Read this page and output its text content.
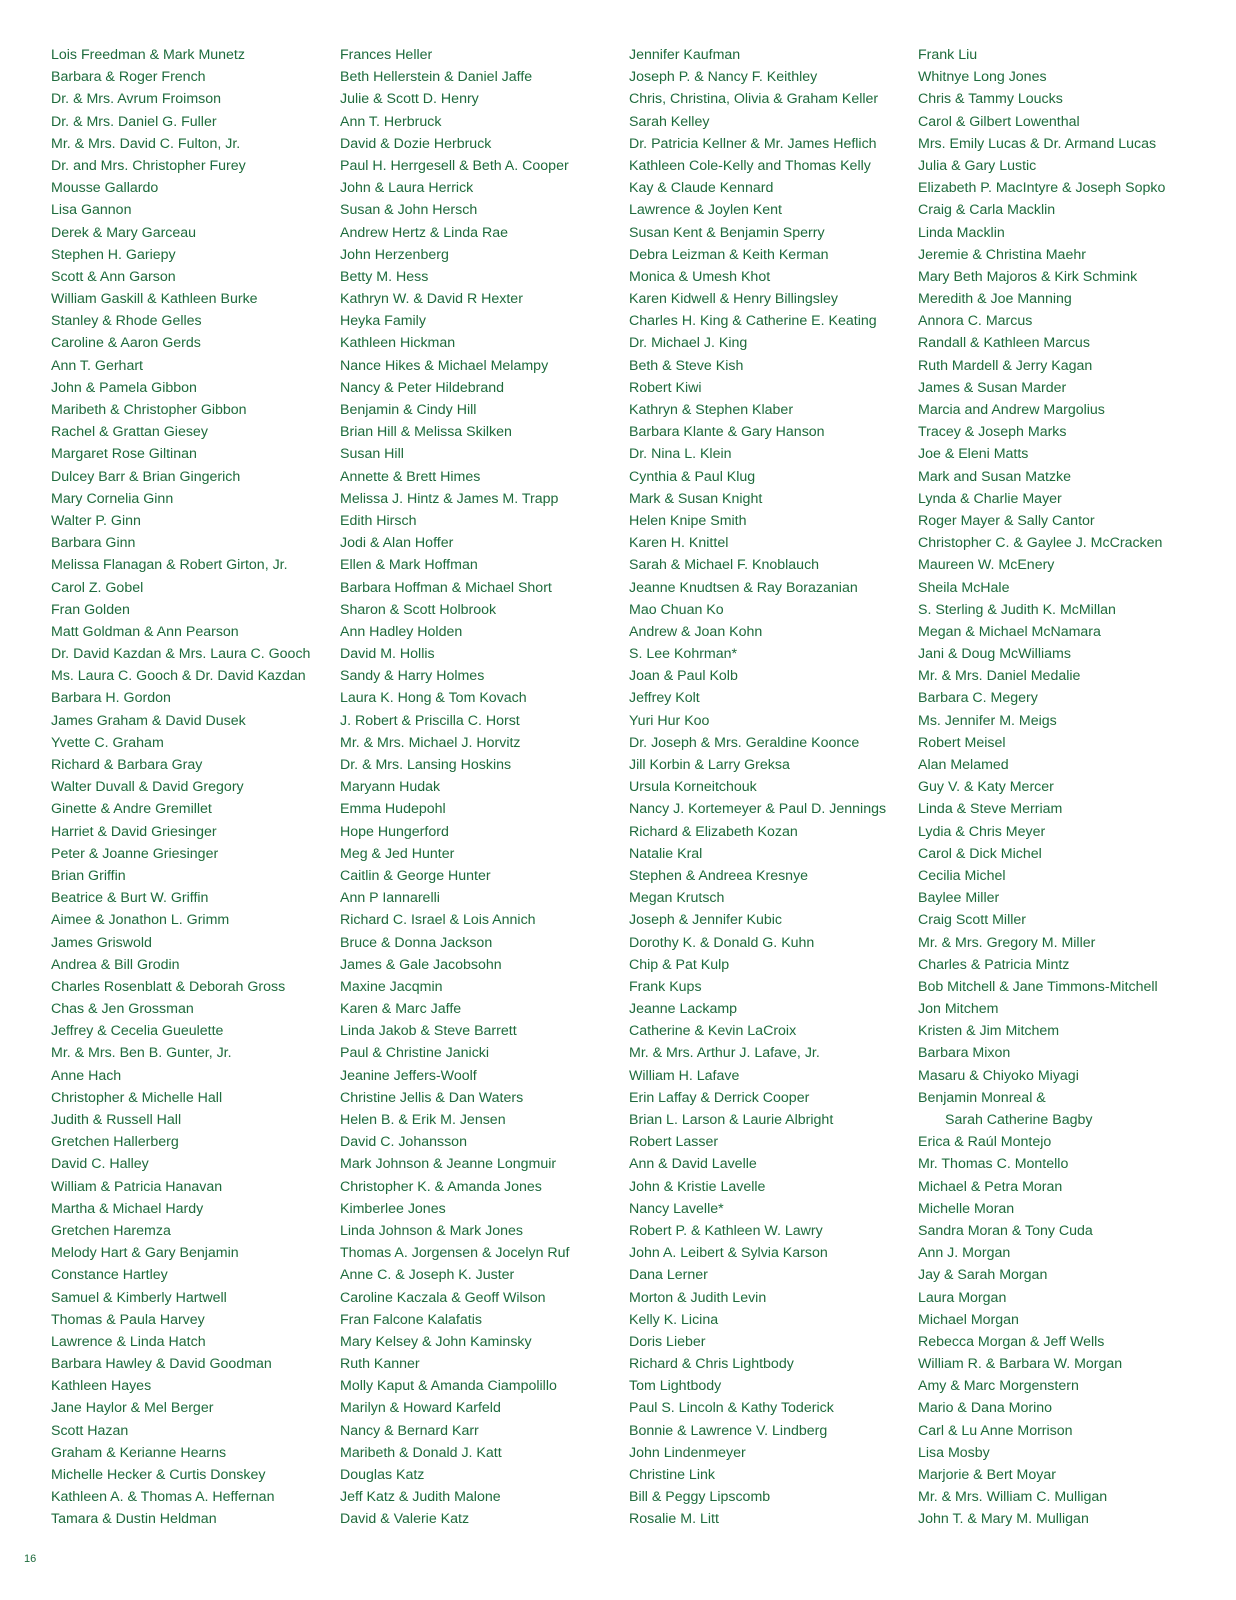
Lois Freedman & Mark Munetz
Barbara & Roger French
Dr. & Mrs. Avrum Froimson
Dr. & Mrs. Daniel G. Fuller
Mr. & Mrs. David C. Fulton, Jr.
Dr. and Mrs. Christopher Furey
Mousse Gallardo
Lisa Gannon
Derek & Mary Garceau
Stephen H. Gariepy
Scott & Ann Garson
William Gaskill & Kathleen Burke
Stanley & Rhode Gelles
Caroline & Aaron Gerds
Ann T. Gerhart
John & Pamela Gibbon
Maribeth & Christopher Gibbon
Rachel & Grattan Giesey
Margaret Rose Giltinan
Dulcey Barr & Brian Gingerich
Mary Cornelia Ginn
Walter P. Ginn
Barbara Ginn
Melissa Flanagan & Robert Girton, Jr.
Carol Z. Gobel
Fran Golden
Matt Goldman & Ann Pearson
Dr. David Kazdan & Mrs. Laura C. Gooch
Ms. Laura C. Gooch & Dr. David Kazdan
Barbara H. Gordon
James Graham & David Dusek
Yvette C. Graham
Richard & Barbara Gray
Walter Duvall & David Gregory
Ginette & Andre Gremillet
Harriet & David Griesinger
Peter & Joanne Griesinger
Brian Griffin
Beatrice & Burt W. Griffin
Aimee & Jonathon L. Grimm
James Griswold
Andrea & Bill Grodin
Charles Rosenblatt & Deborah Gross
Chas & Jen Grossman
Jeffrey & Cecelia Gueulette
Mr. & Mrs. Ben B. Gunter, Jr.
Anne Hach
Christopher & Michelle Hall
Judith & Russell Hall
Gretchen Hallerberg
David C. Halley
William & Patricia Hanavan
Martha & Michael Hardy
Gretchen Haremza
Melody Hart & Gary Benjamin
Constance Hartley
Samuel & Kimberly Hartwell
Thomas & Paula Harvey
Lawrence & Linda Hatch
Barbara Hawley & David Goodman
Kathleen Hayes
Jane Haylor & Mel Berger
Scott Hazan
Graham & Kerianne Hearns
Michelle Hecker & Curtis Donskey
Kathleen A. & Thomas A. Heffernan
Tamara & Dustin Heldman
Frances Heller
Beth Hellerstein & Daniel Jaffe
Julie & Scott D. Henry
Ann T. Herbruck
David & Dozie Herbruck
Paul H. Herrgesell & Beth A. Cooper
John & Laura Herrick
Susan & John Hersch
Andrew Hertz & Linda Rae
John Herzenberg
Betty M. Hess
Kathryn W. & David R Hexter
Heyka Family
Kathleen Hickman
Nance Hikes & Michael Melampy
Nancy & Peter Hildebrand
Benjamin & Cindy Hill
Brian Hill & Melissa Skilken
Susan Hill
Annette & Brett Himes
Melissa J. Hintz & James M. Trapp
Edith Hirsch
Jodi & Alan Hoffer
Ellen & Mark Hoffman
Barbara Hoffman & Michael Short
Sharon & Scott Holbrook
Ann Hadley Holden
David M. Hollis
Sandy & Harry Holmes
Laura K. Hong & Tom Kovach
J. Robert & Priscilla C. Horst
Mr. & Mrs. Michael J. Horvitz
Dr. & Mrs. Lansing Hoskins
Maryann Hudak
Emma Hudepohl
Hope Hungerford
Meg & Jed Hunter
Caitlin & George Hunter
Ann P Iannarelli
Richard C. Israel & Lois Annich
Bruce & Donna Jackson
James & Gale Jacobsohn
Maxine Jacqmin
Karen & Marc Jaffe
Linda Jakob & Steve Barrett
Paul & Christine Janicki
Jeanine Jeffers-Woolf
Christine Jellis & Dan Waters
Helen B. & Erik M. Jensen
David C. Johansson
Mark Johnson & Jeanne Longmuir
Christopher K. & Amanda Jones
Kimberlee Jones
Linda Johnson & Mark Jones
Thomas A. Jorgensen & Jocelyn Ruf
Anne C. & Joseph K. Juster
Caroline Kaczala & Geoff Wilson
Fran Falcone Kalafatis
Mary Kelsey & John Kaminsky
Ruth Kanner
Molly Kaput & Amanda Ciampolillo
Marilyn & Howard Karfeld
Nancy & Bernard Karr
Maribeth & Donald J. Katt
Douglas Katz
Jeff Katz & Judith Malone
David & Valerie Katz
Jennifer Kaufman
Joseph P. & Nancy F. Keithley
Chris, Christina, Olivia & Graham Keller
Sarah Kelley
Dr. Patricia Kellner & Mr. James Heflich
Kathleen Cole-Kelly and Thomas Kelly
Kay & Claude Kennard
Lawrence & Joylen Kent
Susan Kent & Benjamin Sperry
Debra Leizman & Keith Kerman
Monica & Umesh Khot
Karen Kidwell & Henry Billingsley
Charles H. King & Catherine E. Keating
Dr. Michael J. King
Beth & Steve Kish
Robert Kiwi
Kathryn & Stephen Klaber
Barbara Klante & Gary Hanson
Dr. Nina L. Klein
Cynthia & Paul Klug
Mark & Susan Knight
Helen Knipe Smith
Karen H. Knittel
Sarah & Michael F. Knoblauch
Jeanne Knudtsen & Ray Borazanian
Mao Chuan Ko
Andrew & Joan Kohn
S. Lee Kohrman*
Joan & Paul Kolb
Jeffrey Kolt
Yuri Hur Koo
Dr. Joseph & Mrs. Geraldine Koonce
Jill Korbin & Larry Greksa
Ursula Korneitchouk
Nancy J. Kortemeyer & Paul D. Jennings
Richard & Elizabeth Kozan
Natalie Kral
Stephen & Andreea Kresnye
Megan Krutsch
Joseph & Jennifer Kubic
Dorothy K. & Donald G. Kuhn
Chip & Pat Kulp
Frank Kups
Jeanne Lackamp
Catherine & Kevin LaCroix
Mr. & Mrs. Arthur J. Lafave, Jr.
William H. Lafave
Erin Laffay & Derrick Cooper
Brian L. Larson & Laurie Albright
Robert Lasser
Ann & David Lavelle
John & Kristie Lavelle
Nancy Lavelle*
Robert P. & Kathleen W. Lawry
John A. Leibert & Sylvia Karson
Dana Lerner
Morton & Judith Levin
Kelly K. Licina
Doris Lieber
Richard & Chris Lightbody
Tom Lightbody
Paul S. Lincoln & Kathy Toderick
Bonnie & Lawrence V. Lindberg
John Lindenmeyer
Christine Link
Bill & Peggy Lipscomb
Rosalie M. Litt
Frank Liu
Whitnye Long Jones
Chris & Tammy Loucks
Carol & Gilbert Lowenthal
Mrs. Emily Lucas & Dr. Armand Lucas
Julia & Gary Lustic
Elizabeth P. MacIntyre & Joseph Sopko
Craig & Carla Macklin
Linda Macklin
Jeremie & Christina Maehr
Mary Beth Majoros & Kirk Schmink
Meredith & Joe Manning
Annora C. Marcus
Randall & Kathleen Marcus
Ruth Mardell & Jerry Kagan
James & Susan Marder
Marcia and Andrew Margolius
Tracey & Joseph Marks
Joe & Eleni Matts
Mark and Susan Matzke
Lynda & Charlie Mayer
Roger Mayer & Sally Cantor
Christopher C. & Gaylee J. McCracken
Maureen W. McEnery
Sheila McHale
S. Sterling & Judith K. McMillan
Megan & Michael McNamara
Jani & Doug McWilliams
Mr. & Mrs. Daniel Medalie
Barbara C. Megery
Ms. Jennifer M. Meigs
Robert Meisel
Alan Melamed
Guy V. & Katy Mercer
Linda & Steve Merriam
Lydia & Chris Meyer
Carol & Dick Michel
Cecilia Michel
Baylee Miller
Craig Scott Miller
Mr. & Mrs. Gregory M. Miller
Charles & Patricia Mintz
Bob Mitchell & Jane Timmons-Mitchell
Jon Mitchem
Kristen & Jim Mitchem
Barbara Mixon
Masaru & Chiyoko Miyagi
Benjamin Monreal &
Sarah Catherine Bagby
Erica & Raúl Montejo
Mr. Thomas C. Montello
Michael & Petra Moran
Michelle Moran
Sandra Moran & Tony Cuda
Ann J. Morgan
Jay & Sarah Morgan
Laura Morgan
Michael Morgan
Rebecca Morgan & Jeff Wells
William R. & Barbara W. Morgan
Amy & Marc Morgenstern
Mario & Dana Morino
Carl & Lu Anne Morrison
Lisa Mosby
Marjorie & Bert Moyar
Mr. & Mrs. William C. Mulligan
John T. & Mary M. Mulligan
16
